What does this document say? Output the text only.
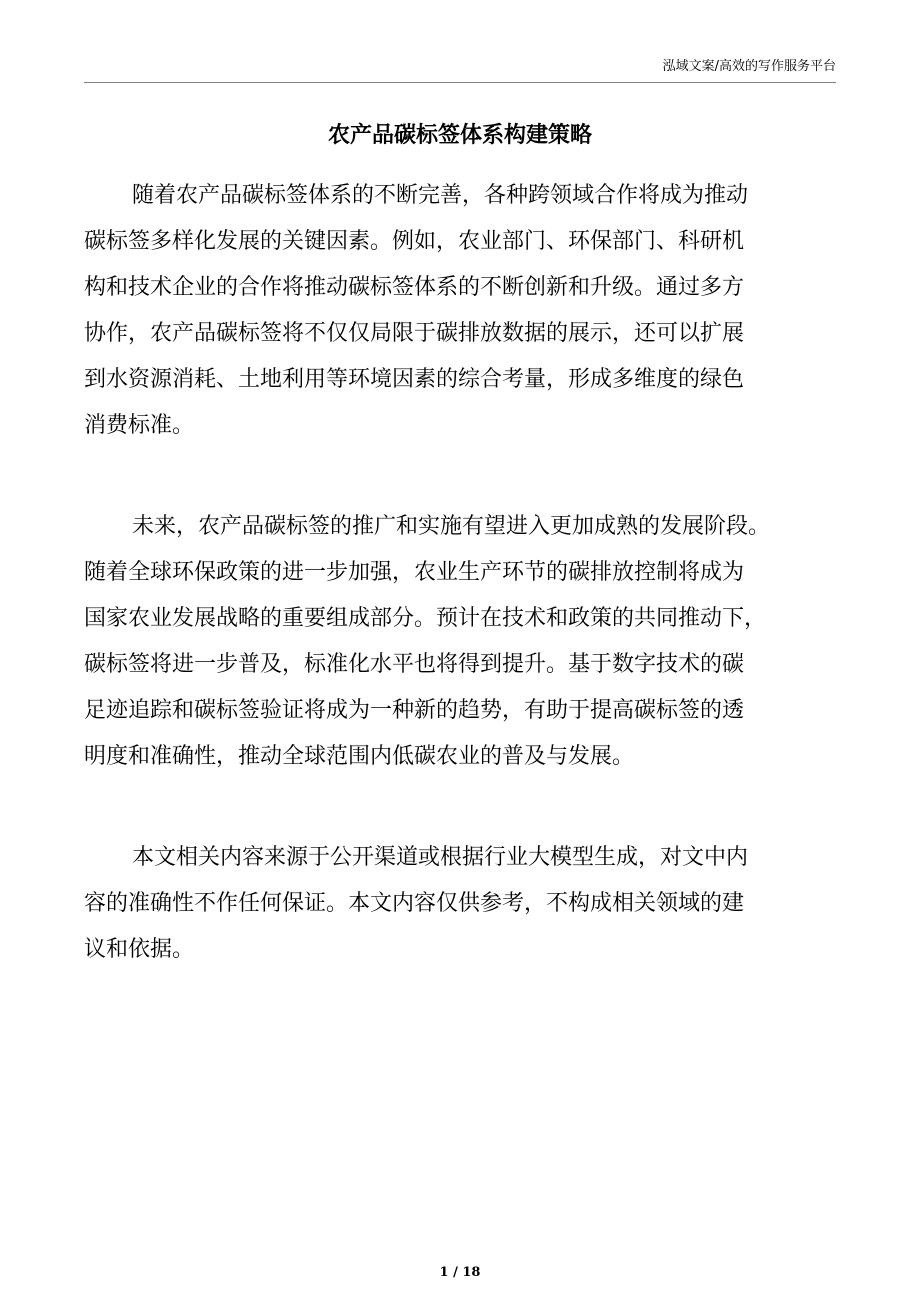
泓域文案/高效的写作服务平台
农产品碳标签体系构建策略
随着农产品碳标签体系的不断完善，各种跨领域合作将成为推动
碳标签多样化发展的关键因素。例如，农业部门、环保部门、科研机
构和技术企业的合作将推动碳标签体系的不断创新和升级。通过多方
协作，农产品碳标签将不仅仅局限于碳排放数据的展示，还可以扩展
到水资源消耗、土地利用等环境因素的综合考量，形成多维度的绿色
消费标准。
未来，农产品碳标签的推广和实施有望进入更加成熟的发展阶段。
随着全球环保政策的进一步加强，农业生产环节的碳排放控制将成为
国家农业发展战略的重要组成部分。预计在技术和政策的共同推动下，
碳标签将进一步普及，标准化水平也将得到提升。基于数字技术的碳
足迹追踪和碳标签验证将成为一种新的趋势，有助于提高碳标签的透
明度和准确性，推动全球范围内低碳农业的普及与发展。
本文相关内容来源于公开渠道或根据行业大模型生成，对文中内
容的准确性不作任何保证。本文内容仅供参考，不构成相关领域的建
议和依据。
1 / 18
